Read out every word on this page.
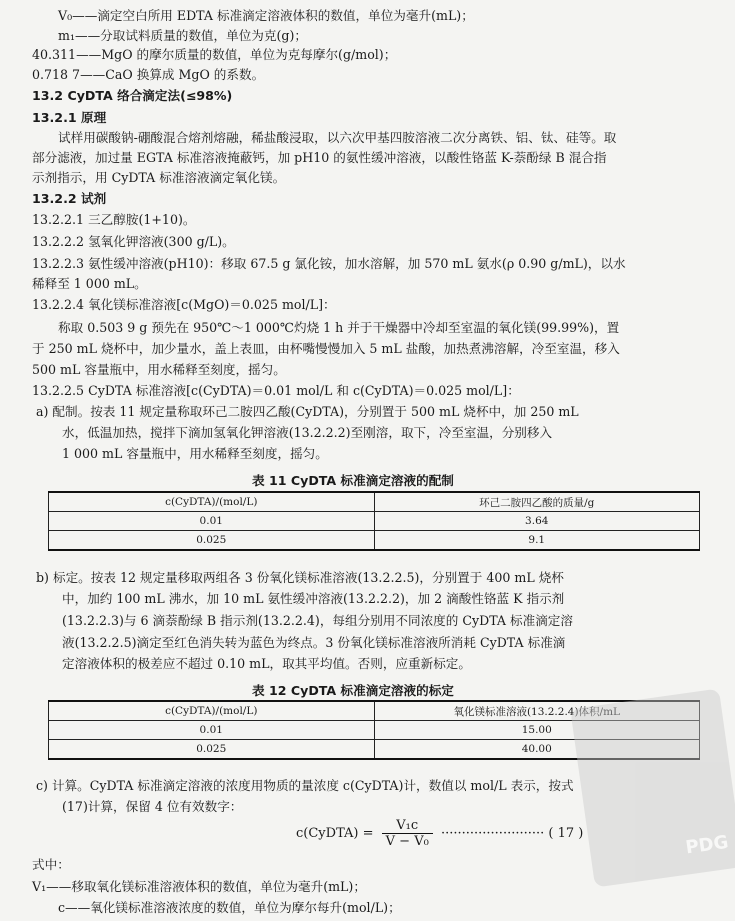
V₀——滴定空白所用 EDTA 标准滴定溶液体积的数值，单位为毫升(mL)；
m₁——分取试料质量的数值，单位为克(g)；
40.311——MgO 的摩尔质量的数值，单位为克每摩尔(g/mol)；
0.718 7——CaO 换算成 MgO 的系数。
13.2 CyDTA 络合滴定法(≤98%)
13.2.1 原理
试样用碳酸钠-硼酸混合熔剂熔融，稀盐酸浸取，以六次甲基四胺溶液二次分离铁、铝、钛、硅等。取
部分滤液，加过量 EGTA 标准溶液掩蔽钙，加 pH10 的氨性缓冲溶液，以酸性铬蓝 K-萘酚绿 B 混合指
示剂指示，用 CyDTA 标准溶液滴定氧化镁。
13.2.2 试剂
13.2.2.1 三乙醇胺(1+10)。
13.2.2.2 氢氧化钾溶液(300 g/L)。
13.2.2.3 氨性缓冲溶液(pH10)：移取 67.5 g 氯化铵，加水溶解，加 570 mL 氨水(ρ 0.90 g/mL)，以水
稀释至 1 000 mL。
13.2.2.4 氧化镁标准溶液[c(MgO)＝0.025 mol/L]：
称取 0.503 9 g 预先在 950℃～1 000℃灼烧 1 h 并于干燥器中冷却至室温的氧化镁(99.99%)，置
于 250 mL 烧杯中，加少量水，盖上表皿，由杯嘴慢慢加入 5 mL 盐酸，加热煮沸溶解，冷至室温，移入
500 mL 容量瓶中，用水稀释至刻度，摇匀。
13.2.2.5 CyDTA 标准溶液[c(CyDTA)＝0.01 mol/L 和 c(CyDTA)＝0.025 mol/L]：
a) 配制。按表 11 规定量称取环己二胺四乙酸(CyDTA)，分别置于 500 mL 烧杯中，加 250 mL
水，低温加热，搅拌下滴加氢氧化钾溶液(13.2.2.2)至刚溶，取下，冷至室温，分别移入
1 000 mL 容量瓶中，用水稀释至刻度，摇匀。
b) 标定。按表 12 规定量移取两组各 3 份氧化镁标准溶液(13.2.2.5)，分别置于 400 mL 烧杯
中，加约 100 mL 沸水，加 10 mL 氨性缓冲溶液(13.2.2.2)，加 2 滴酸性铬蓝 K 指示剂
(13.2.2.3)与 6 滴萘酚绿 B 指示剂(13.2.2.4)，每组分别用不同浓度的 CyDTA 标准滴定溶
液(13.2.2.5)滴定至红色消失转为蓝色为终点。3 份氧化镁标准溶液所消耗 CyDTA 标准滴
定溶液体积的极差应不超过 0.10 mL，取其平均值。否则，应重新标定。
c) 计算。CyDTA 标准滴定溶液的浓度用物质的量浓度 c(CyDTA)计，数值以 mol/L 表示，按式
(17)计算，保留 4 位有效数字：
式中：
V₁——移取氧化镁标准溶液体积的数值，单位为毫升(mL)；
c——氧化镁标准溶液浓度的数值，单位为摩尔每升(mol/L)；
表 11 CyDTA 标准滴定溶液的配制
c(CyDTA)/(mol/L)	环己二胺四乙酸的质量/g
0.01	3.64
0.025	9.1
表 12 CyDTA 标准滴定溶液的标定
c(CyDTA)/(mol/L)	氧化镁标准溶液(13.2.2.4)体积/mL
0.01	15.00
0.025	40.00
c(CyDTA) = $\frac{\text{V₁c}}{\text{V − V₀}}$ ························· ( 17 )	PDG
